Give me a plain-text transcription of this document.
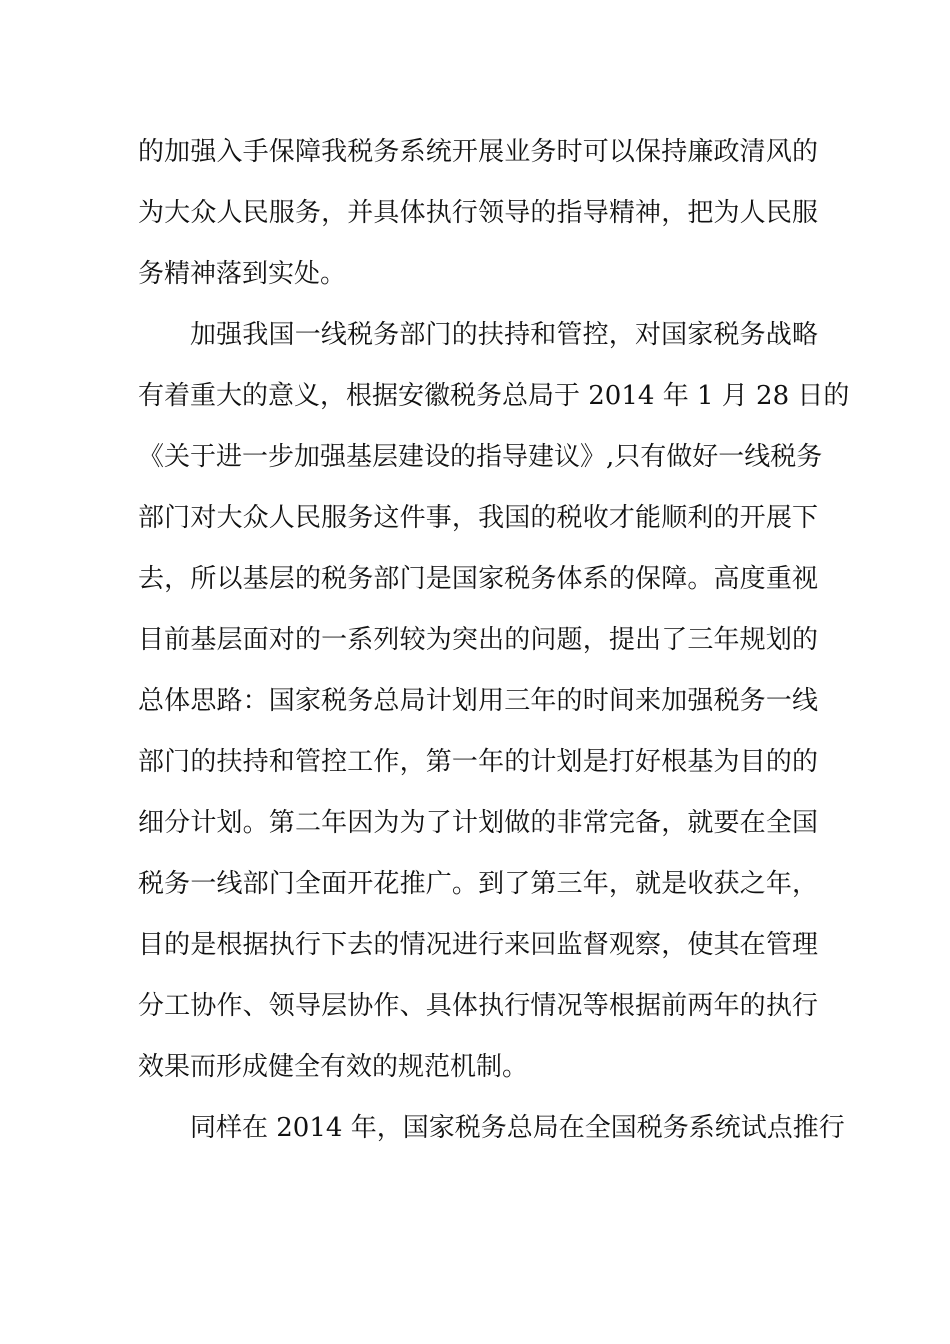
的加强入手保障我税务系统开展业务时可以保持廉政清风的
为大众人民服务，并具体执行领导的指导精神，把为人民服
务精神落到实处。
加强我国一线税务部门的扶持和管控，对国家税务战略
有着重大的意义，根据安徽税务总局于 2014 年 1 月 28 日的
《关于进一步加强基层建设的指导建议》,只有做好一线税务
部门对大众人民服务这件事，我国的税收才能顺利的开展下
去，所以基层的税务部门是国家税务体系的保障。高度重视
目前基层面对的一系列较为突出的问题，提出了三年规划的
总体思路：国家税务总局计划用三年的时间来加强税务一线
部门的扶持和管控工作，第一年的计划是打好根基为目的的
细分计划。第二年因为为了计划做的非常完备，就要在全国
税务一线部门全面开花推广。到了第三年，就是收获之年，
目的是根据执行下去的情况进行来回监督观察，使其在管理
分工协作、领导层协作、具体执行情况等根据前两年的执行
效果而形成健全有效的规范机制。
同样在 2014 年，国家税务总局在全国税务系统试点推行
